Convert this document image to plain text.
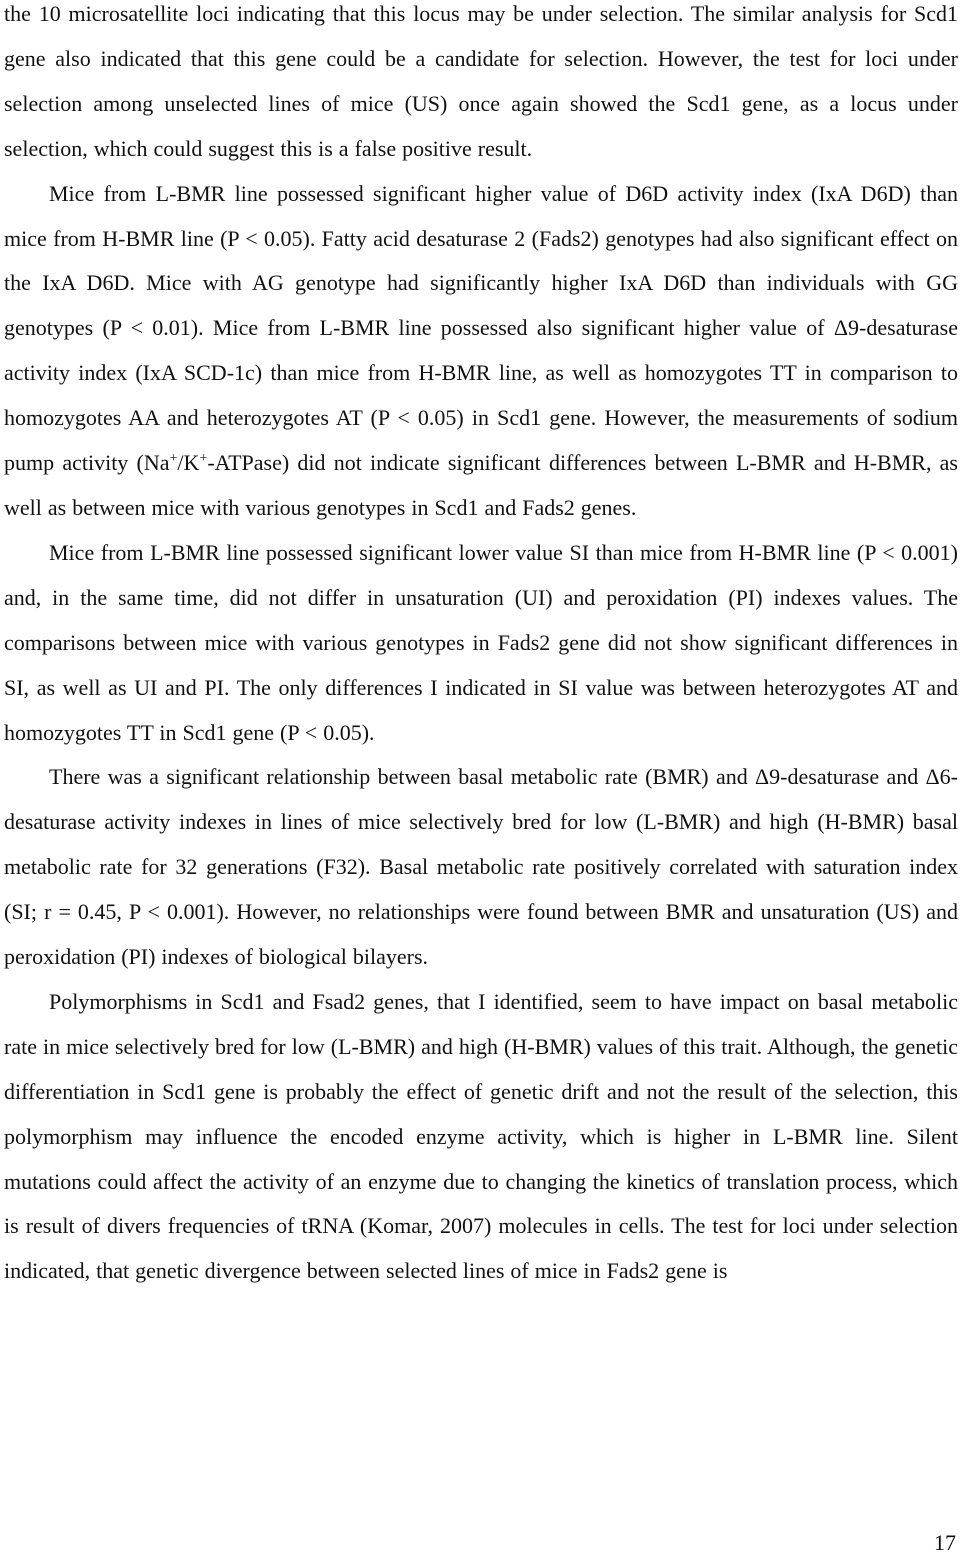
the 10 microsatellite loci indicating that this locus may be under selection. The similar analysis for Scd1 gene also indicated that this gene could be a candidate for selection. However, the test for loci under selection among unselected lines of mice (US) once again showed the Scd1 gene, as a locus under selection, which could suggest this is a false positive result.

Mice from L-BMR line possessed significant higher value of D6D activity index (IxA D6D) than mice from H-BMR line (P < 0.05). Fatty acid desaturase 2 (Fads2) genotypes had also significant effect on the IxA D6D. Mice with AG genotype had significantly higher IxA D6D than individuals with GG genotypes (P < 0.01). Mice from L-BMR line possessed also significant higher value of Δ9-desaturase activity index (IxA SCD-1c) than mice from H-BMR line, as well as homozygotes TT in comparison to homozygotes AA and heterozygotes AT (P < 0.05) in Scd1 gene. However, the measurements of sodium pump activity (Na+/K+-ATPase) did not indicate significant differences between L-BMR and H-BMR, as well as between mice with various genotypes in Scd1 and Fads2 genes.

Mice from L-BMR line possessed significant lower value SI than mice from H-BMR line (P < 0.001) and, in the same time, did not differ in unsaturation (UI) and peroxidation (PI) indexes values. The comparisons between mice with various genotypes in Fads2 gene did not show significant differences in SI, as well as UI and PI. The only differences I indicated in SI value was between heterozygotes AT and homozygotes TT in Scd1 gene (P < 0.05).

There was a significant relationship between basal metabolic rate (BMR) and Δ9-desaturase and Δ6-desaturase activity indexes in lines of mice selectively bred for low (L-BMR) and high (H-BMR) basal metabolic rate for 32 generations (F32). Basal metabolic rate positively correlated with saturation index (SI; r = 0.45, P < 0.001). However, no relationships were found between BMR and unsaturation (US) and peroxidation (PI) indexes of biological bilayers.

Polymorphisms in Scd1 and Fsad2 genes, that I identified, seem to have impact on basal metabolic rate in mice selectively bred for low (L-BMR) and high (H-BMR) values of this trait. Although, the genetic differentiation in Scd1 gene is probably the effect of genetic drift and not the result of the selection, this polymorphism may influence the encoded enzyme activity, which is higher in L-BMR line. Silent mutations could affect the activity of an enzyme due to changing the kinetics of translation process, which is result of divers frequencies of tRNA (Komar, 2007) molecules in cells. The test for loci under selection indicated, that genetic divergence between selected lines of mice in Fads2 gene is

17
